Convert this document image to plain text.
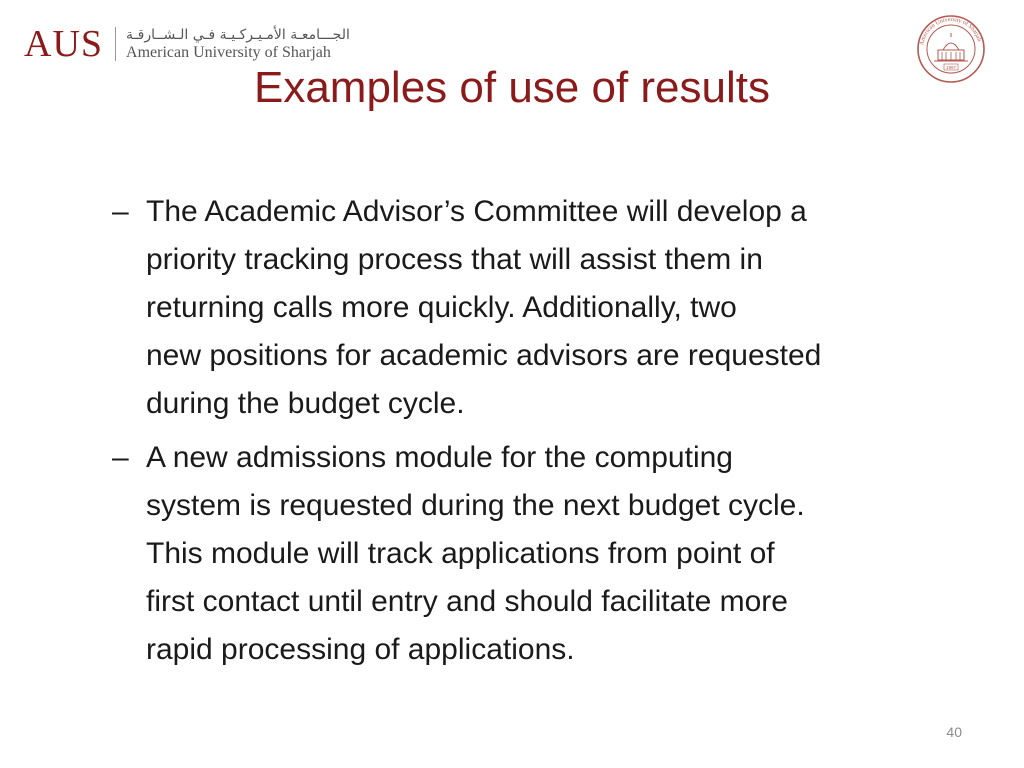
AUS الجـــامعـة الأمـيـركـيـة فـي الـشــارقـة
American University of Sharjah
American University of Sharjah
1997
Examples of use of results
– The Academic Advisor’s Committee will develop a
priority tracking process that will assist them in
returning calls more quickly. Additionally, two
new positions for academic advisors are requested
during the budget cycle.
– A new admissions module for the computing
system is requested during the next budget cycle.
This module will track applications from point of
first contact until entry and should facilitate more
rapid processing of applications.
40
